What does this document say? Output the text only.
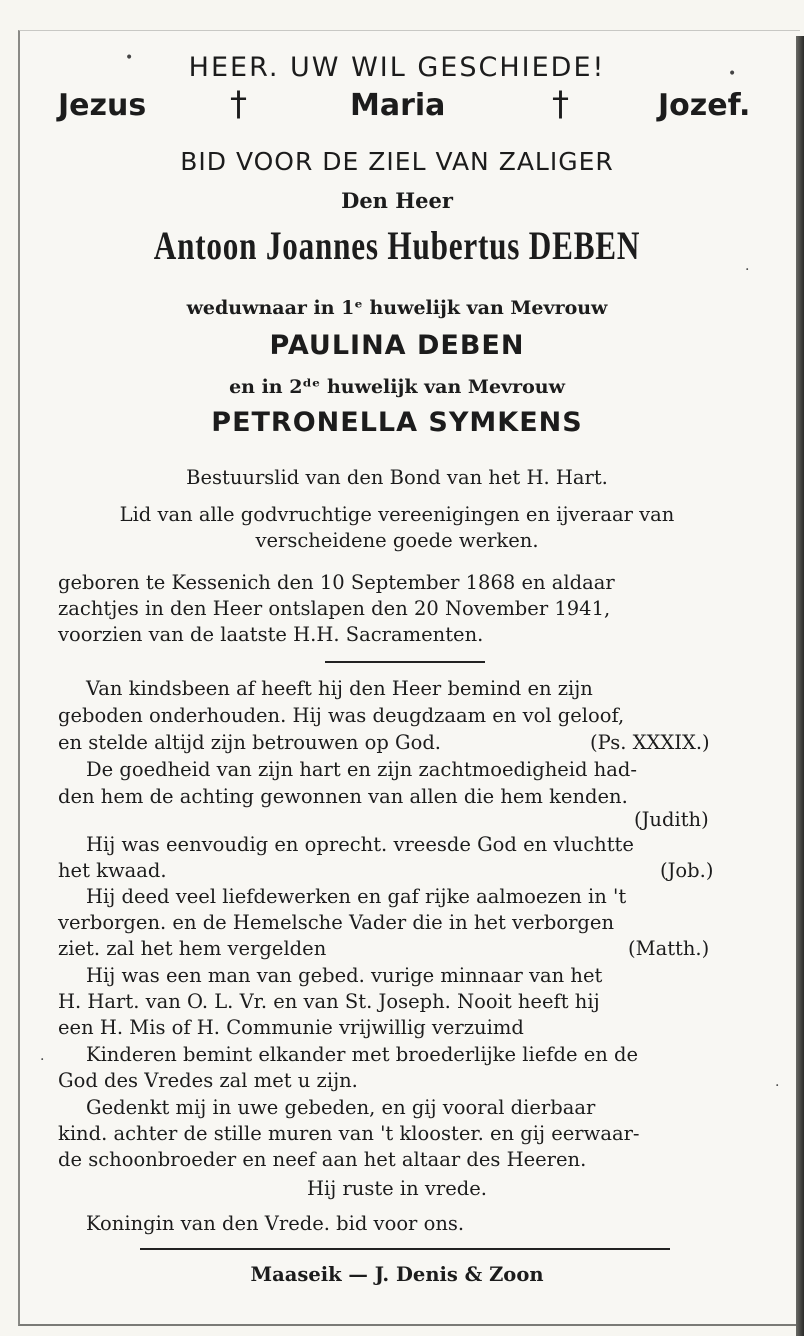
HEER. UW WIL GESCHIEDE!
Jezus †	Maria	†	Jozef.
BID VOOR DE ZIEL VAN ZALIGER
Den Heer
Antoon Joannes Hubertus DEBEN
weduwnaar in 1ᵉ huwelijk van Mevrouw
PAULINA DEBEN
en in 2ᵈᵉ huwelijk van Mevrouw
PETRONELLA SYMKENS
Bestuurslid van den Bond van het H. Hart.
Lid van alle godvruchtige vereenigingen en ijveraar van
verscheidene goede werken.
geboren te Kessenich den 10 September 1868 en aldaar
zachtjes in den Heer ontslapen den 20 November 1941,
voorzien van de laatste H.H. Sacramenten.
Van kindsbeen af heeft hij den Heer bemind en zijn
geboden onderhouden. Hij was deugdzaam en vol geloof,
en stelde altijd zijn betrouwen op God.	(Ps. XXXIX.)
De goedheid van zijn hart en zijn zachtmoedigheid had-
den hem de achting gewonnen van allen die hem kenden.
(Judith)
Hij was eenvoudig en oprecht. vreesde God en vluchtte
het kwaad.	(Job.)
Hij deed veel liefdewerken en gaf rijke aalmoezen in 't
verborgen. en de Hemelsche Vader die in het verborgen
ziet. zal het hem vergelden	(Matth.)
Hij was een man van gebed. vurige minnaar van het
H. Hart. van O. L. Vr. en van St. Joseph. Nooit heeft hij
een H. Mis of H. Communie vrijwillig verzuimd
Kinderen bemint elkander met broederlijke liefde en de
God des Vredes zal met u zijn.
Gedenkt mij in uwe gebeden, en gij vooral dierbaar
kind. achter de stille muren van 't klooster. en gij eerwaar-
de schoonbroeder en neef aan het altaar des Heeren.
Hij ruste in vrede.
Koningin van den Vrede. bid voor ons.
Maaseik — J. Denis & Zoon
•
•
·
·
·
